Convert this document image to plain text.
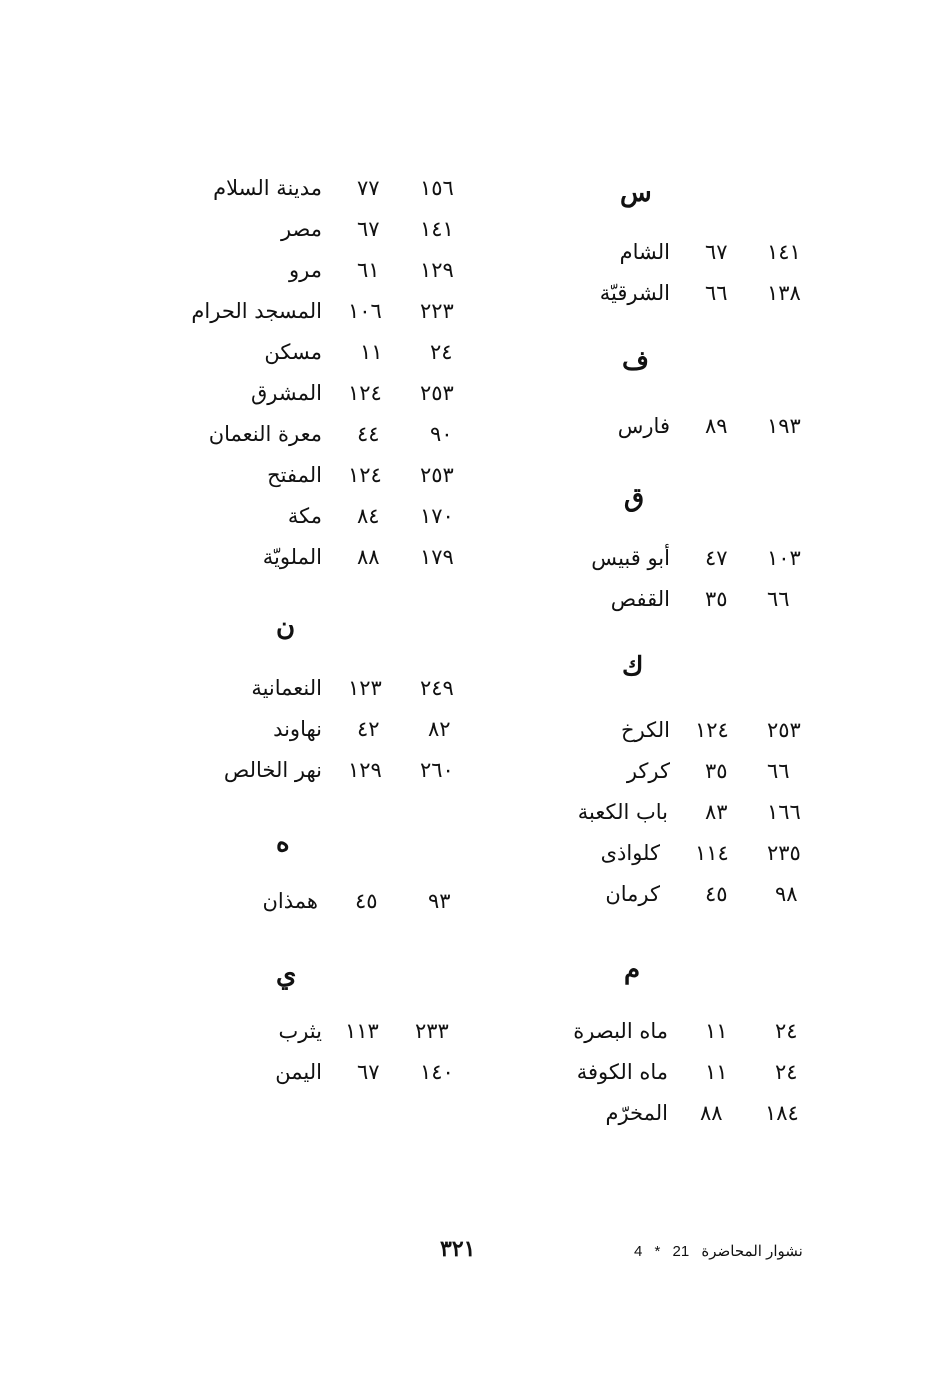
س
الشام ٦٧ ١٤١
الشرقيّة ٦٦ ١٣٨
ف
فارس ٨٩ ١٩٣
ق
أبو قبيس ٤٧ ١٠٣
القفص ٣٥ ٦٦
ك
الكرخ ١٢٤ ٢٥٣
كركر ٣٥ ٦٦
باب الكعبة ٨٣ ١٦٦
كلواذى ١١٤ ٢٣٥
كرمان ٤٥ ٩٨
م
ماه البصرة ١١ ٢٤
ماه الكوفة ١١ ٢٤
المخرّم ٨٨ ١٨٤
مدينة السلام ٧٧ ١٥٦
مصر ٦٧ ١٤١
مرو ٦١ ١٢٩
المسجد الحرام ١٠٦ ٢٢٣
مسكن ١١ ٢٤
المشرق ١٢٤ ٢٥٣
معرة النعمان ٤٤ ٩٠
المفتح ١٢٤ ٢٥٣
مكة ٨٤ ١٧٠
الملويّة ٨٨ ١٧٩
ن
النعمانية ١٢٣ ٢٤٩
نهاوند ٤٢ ٨٢
نهر الخالص ١٢٩ ٢٦٠
ه
همذان ٤٥ ٩٣
ي
يثرب ١١٣ ٢٣٣
اليمن ٦٧ ١٤٠
٣٢١	4 *	نشوار المحاضرة 21
